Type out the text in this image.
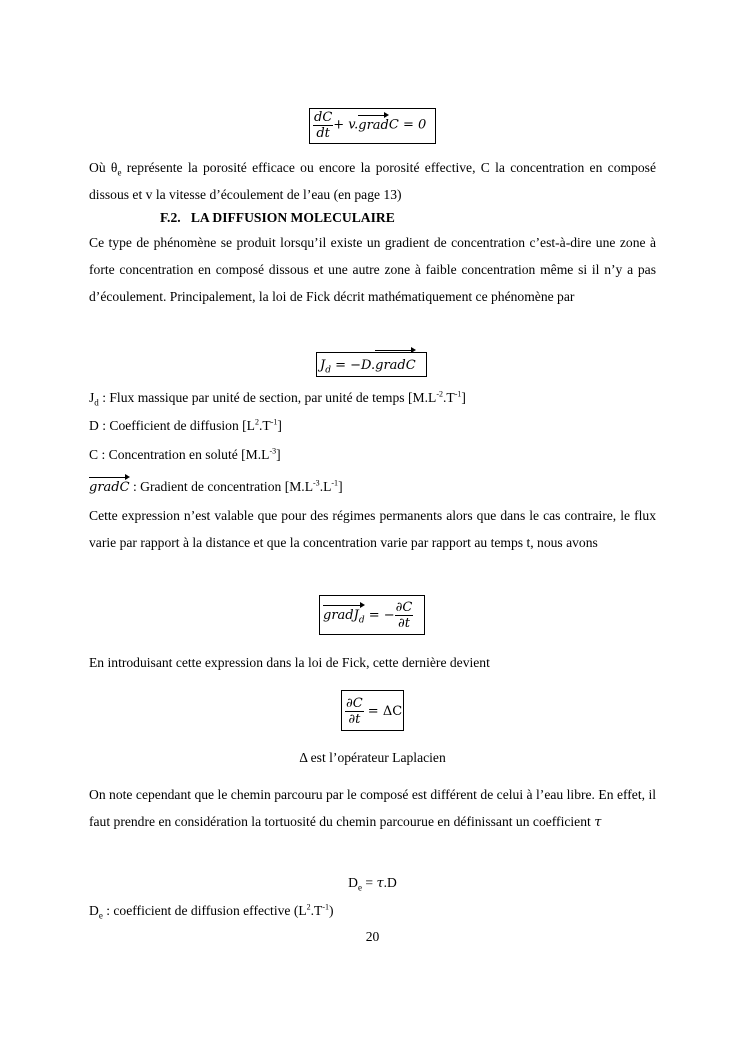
$\frac{dC}{dt}$ + v.gradC = 0
Où $\theta_e$ représente la porosité efficace ou encore la porosité effective, C la concentration en composé dissous et v la vitesse d’écoulement de l’eau (en page 13)
F.2. LA DIFFUSION MOLECULAIRE
Ce type de phénomène se produit lorsqu’il existe un gradient de concentration c’est-à-dire une zone à forte concentration en composé dissous et une autre zone à faible concentration même si il n’y a pas d’écoulement. Principalement, la loi de Fick décrit mathématiquement ce phénomène par
$J_d$ = −D.gradC
$J_d$ : Flux massique par unité de section, par unité de temps $[M.L^{-2}.T^{-1}]$
D : Coefficient de diffusion $[L^2.T^{-1}]$
C : Concentration en soluté $[M.L^{-3}]$
gradC : Gradient de concentration $[M.L^{-3}.L^{-1}]$
Cette expression n’est valable que pour des régimes permanents alors que dans le cas contraire, le flux varie par rapport à la distance et que la concentration varie par rapport au temps t, nous avons
gradJ$_d$ = − $\frac{\partial C}{\partial t}$
En introduisant cette expression dans la loi de Fick, cette dernière devient
$\frac{\partial C}{\partial t} = \Delta C$
Δ est l’opérateur Laplacien
On note cependant que le chemin parcouru par le composé est différent de celui à l’eau libre. En effet, il faut prendre en considération la tortuosité du chemin parcourue en définissant un coefficient τ
$D_e = \tau.D$
$D_e$ : coefficient de diffusion effective $(L^2.T^{-1})$
20
